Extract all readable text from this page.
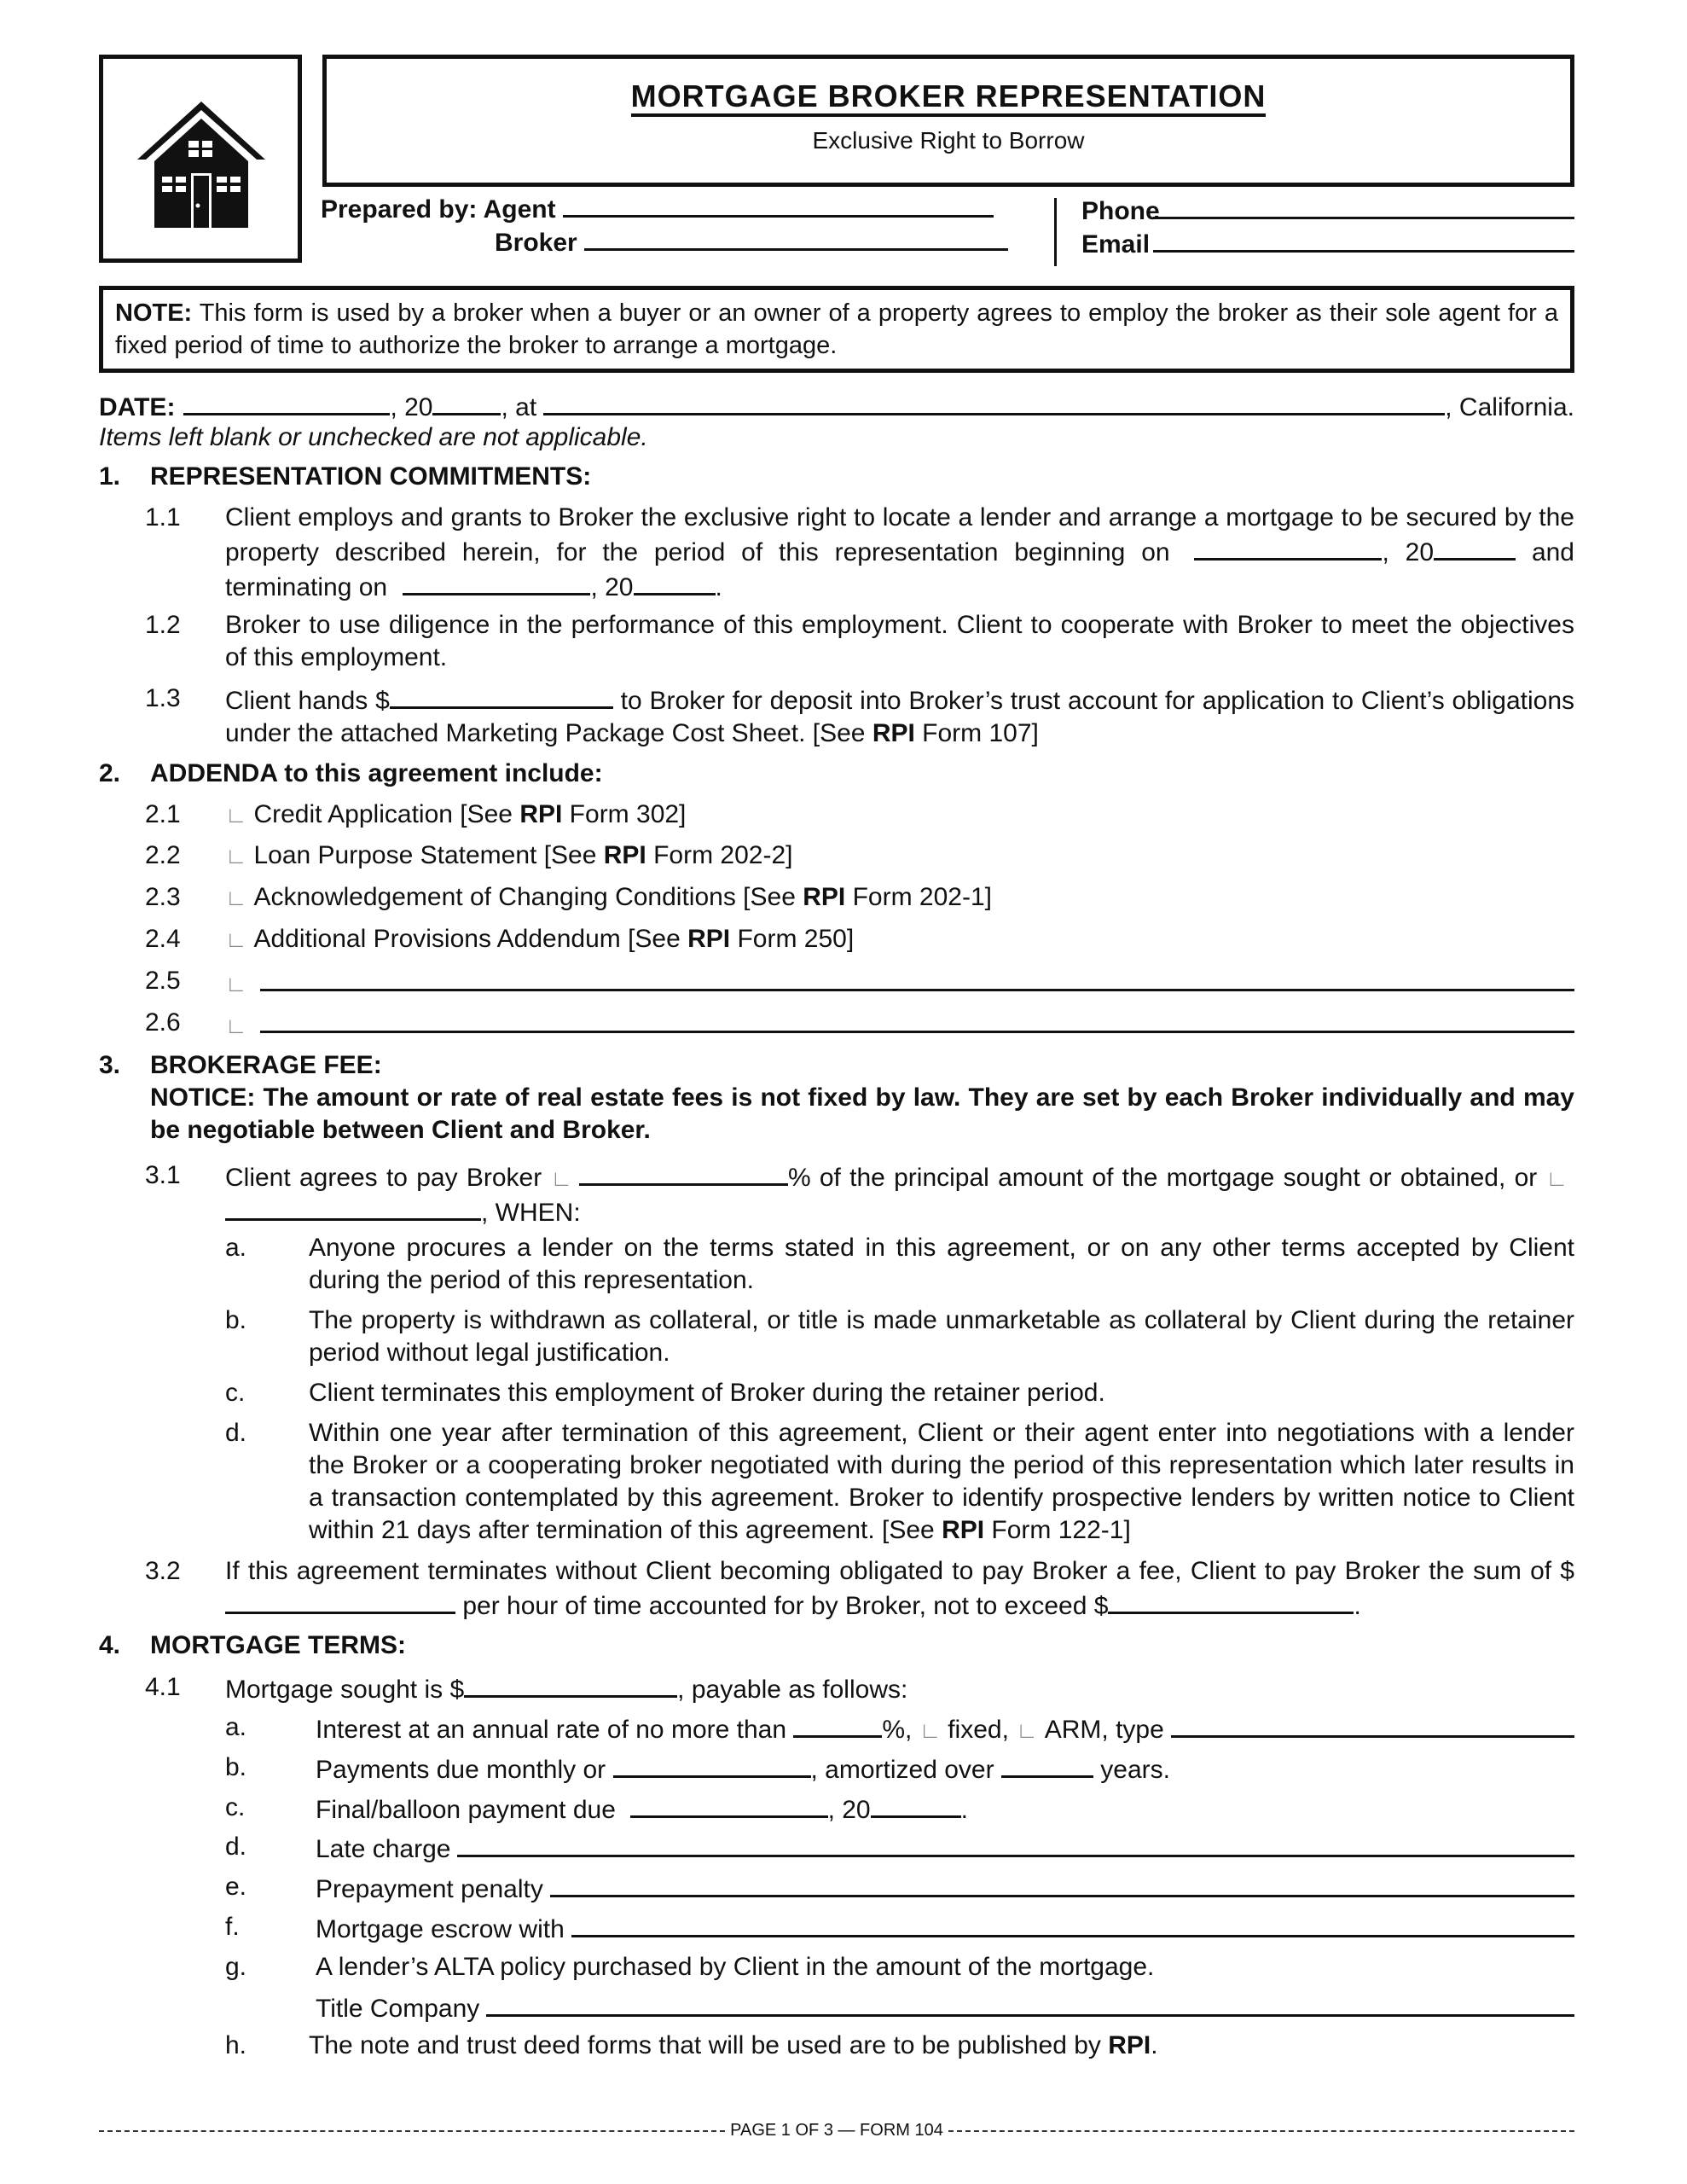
MORTGAGE BROKER REPRESENTATION
Exclusive Right to Borrow
Prepared by: Agent
Broker
Phone
Email
NOTE: This form is used by a broker when a buyer or an owner of a property agrees to employ the broker as their sole agent for a fixed period of time to authorize the broker to arrange a mortgage.
DATE:	, 20	, at	, California.
Items left blank or unchecked are not applicable.
1. REPRESENTATION COMMITMENTS:
1.1 Client employs and grants to Broker the exclusive right to locate a lender and arrange a mortgage to be secured by the property described herein, for the period of this representation beginning on	, 20	and terminating on	, 20	.
1.2 Broker to use diligence in the performance of this employment. Client to cooperate with Broker to meet the objectives of this employment.
1.3 Client hands $	to Broker for deposit into Broker’s trust account for application to Client’s obligations under the attached Marketing Package Cost Sheet. [See RPI Form 107]
2. ADDENDA to this agreement include:
2.1 ∟ Credit Application [See RPI Form 302]
2.2 ∟ Loan Purpose Statement [See RPI Form 202-2]
2.3 ∟ Acknowledgement of Changing Conditions [See RPI Form 202-1]
2.4 ∟ Additional Provisions Addendum [See RPI Form 250]
2.5 ∟
2.6 ∟
3. BROKERAGE FEE:
NOTICE: The amount or rate of real estate fees is not fixed by law. They are set by each Broker individually and may be negotiable between Client and Broker.
3.1 Client agrees to pay Broker ∟	% of the principal amount of the mortgage sought or obtained, or ∟, WHEN:
a. Anyone procures a lender on the terms stated in this agreement, or on any other terms accepted by Client during the period of this representation.
b. The property is withdrawn as collateral, or title is made unmarketable as collateral by Client during the retainer period without legal justification.
c. Client terminates this employment of Broker during the retainer period.
d. Within one year after termination of this agreement, Client or their agent enter into negotiations with a lender the Broker or a cooperating broker negotiated with during the period of this representation which later results in a transaction contemplated by this agreement. Broker to identify prospective lenders by written notice to Client within 21 days after termination of this agreement. [See RPI Form 122-1]
3.2 If this agreement terminates without Client becoming obligated to pay Broker a fee, Client to pay Broker the sum of $ per hour of time accounted for by Broker, not to exceed $	.
4. MORTGAGE TERMS:
4.1 Mortgage sought is $	, payable as follows:
a.	Interest at an annual rate of no more than
	%,
∟ fixed,
∟ ARM, type
b.	Payments due monthly or	, amortized over	years.
c.	Final/balloon payment due	, 20	.
d.	Late charge
e.	Prepayment penalty
f.	Mortgage escrow with
g.	A lender’s ALTA policy purchased by Client in the amount of the mortgage.
Title Company
h. The note and trust deed forms that will be used are to be published by RPI.
PAGE 1 OF 3 — FORM 104
